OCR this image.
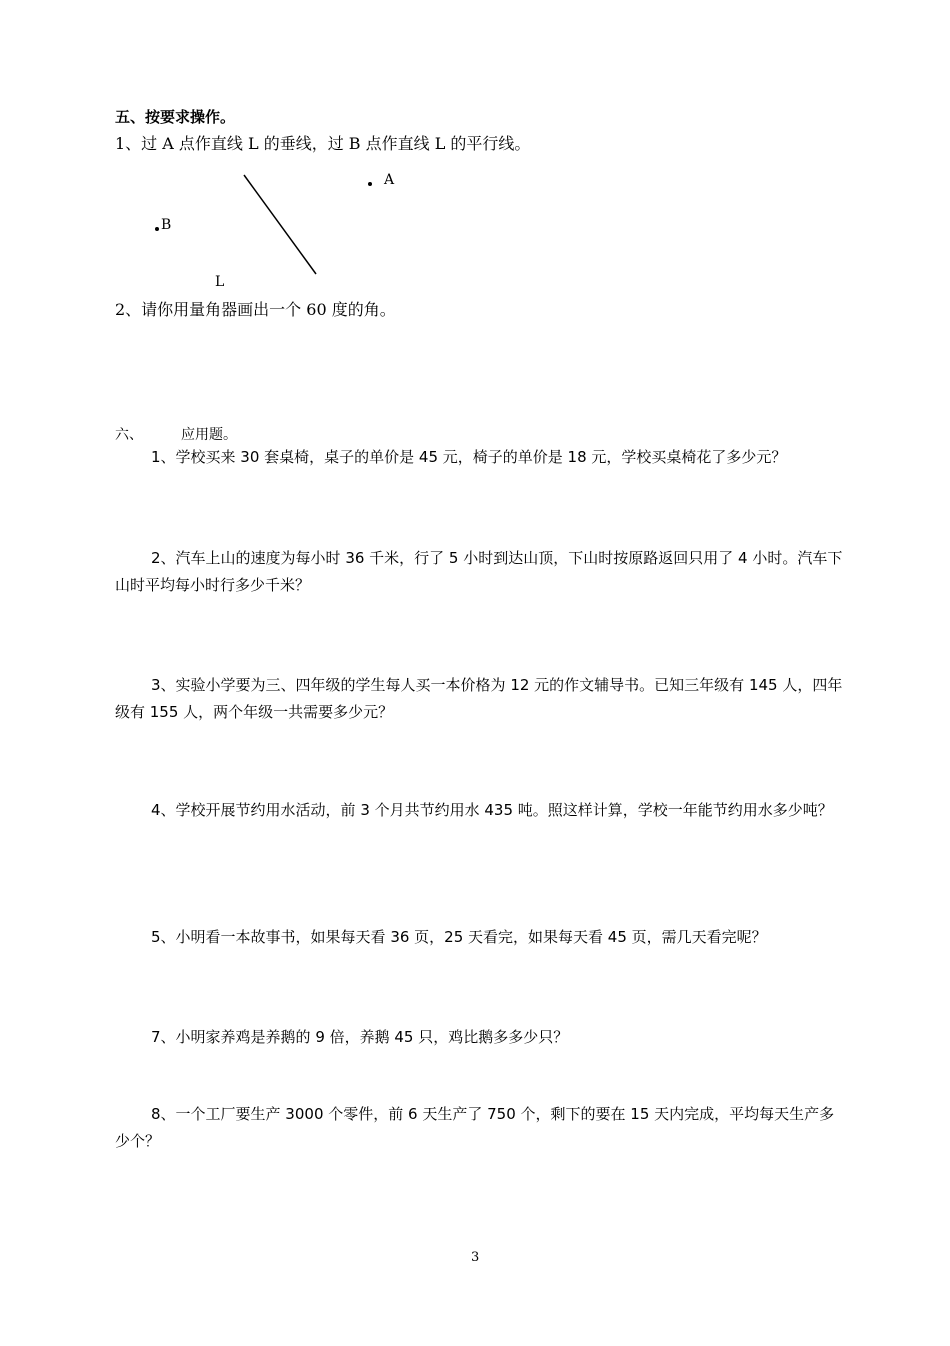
五、按要求操作。
1、过 A 点作直线 L 的垂线，过 B 点作直线 L 的平行线。
A
B
L
2、请你用量角器画出一个 60 度的角。
六、	应用题。
1、学校买来 30 套桌椅，桌子的单价是 45 元，椅子的单价是 18 元，学校买桌椅花了多少元？
2、汽车上山的速度为每小时 36 千米，行了 5 小时到达山顶，下山时按原路返回只用了 4 小时。汽车下山时平均每小时行多少千米？
3、实验小学要为三、四年级的学生每人买一本价格为 12 元的作文辅导书。已知三年级有 145 人，四年级有 155 人，两个年级一共需要多少元？
4、学校开展节约用水活动，前 3 个月共节约用水 435 吨。照这样计算，学校一年能节约用水多少吨？
5、小明看一本故事书，如果每天看 36 页，25 天看完，如果每天看 45 页，需几天看完呢？
7、小明家养鸡是养鹅的 9 倍，养鹅 45 只，鸡比鹅多多少只？
8、一个工厂要生产 3000 个零件，前 6 天生产了 750 个，剩下的要在 15 天内完成，平均每天生产多少个？
3
